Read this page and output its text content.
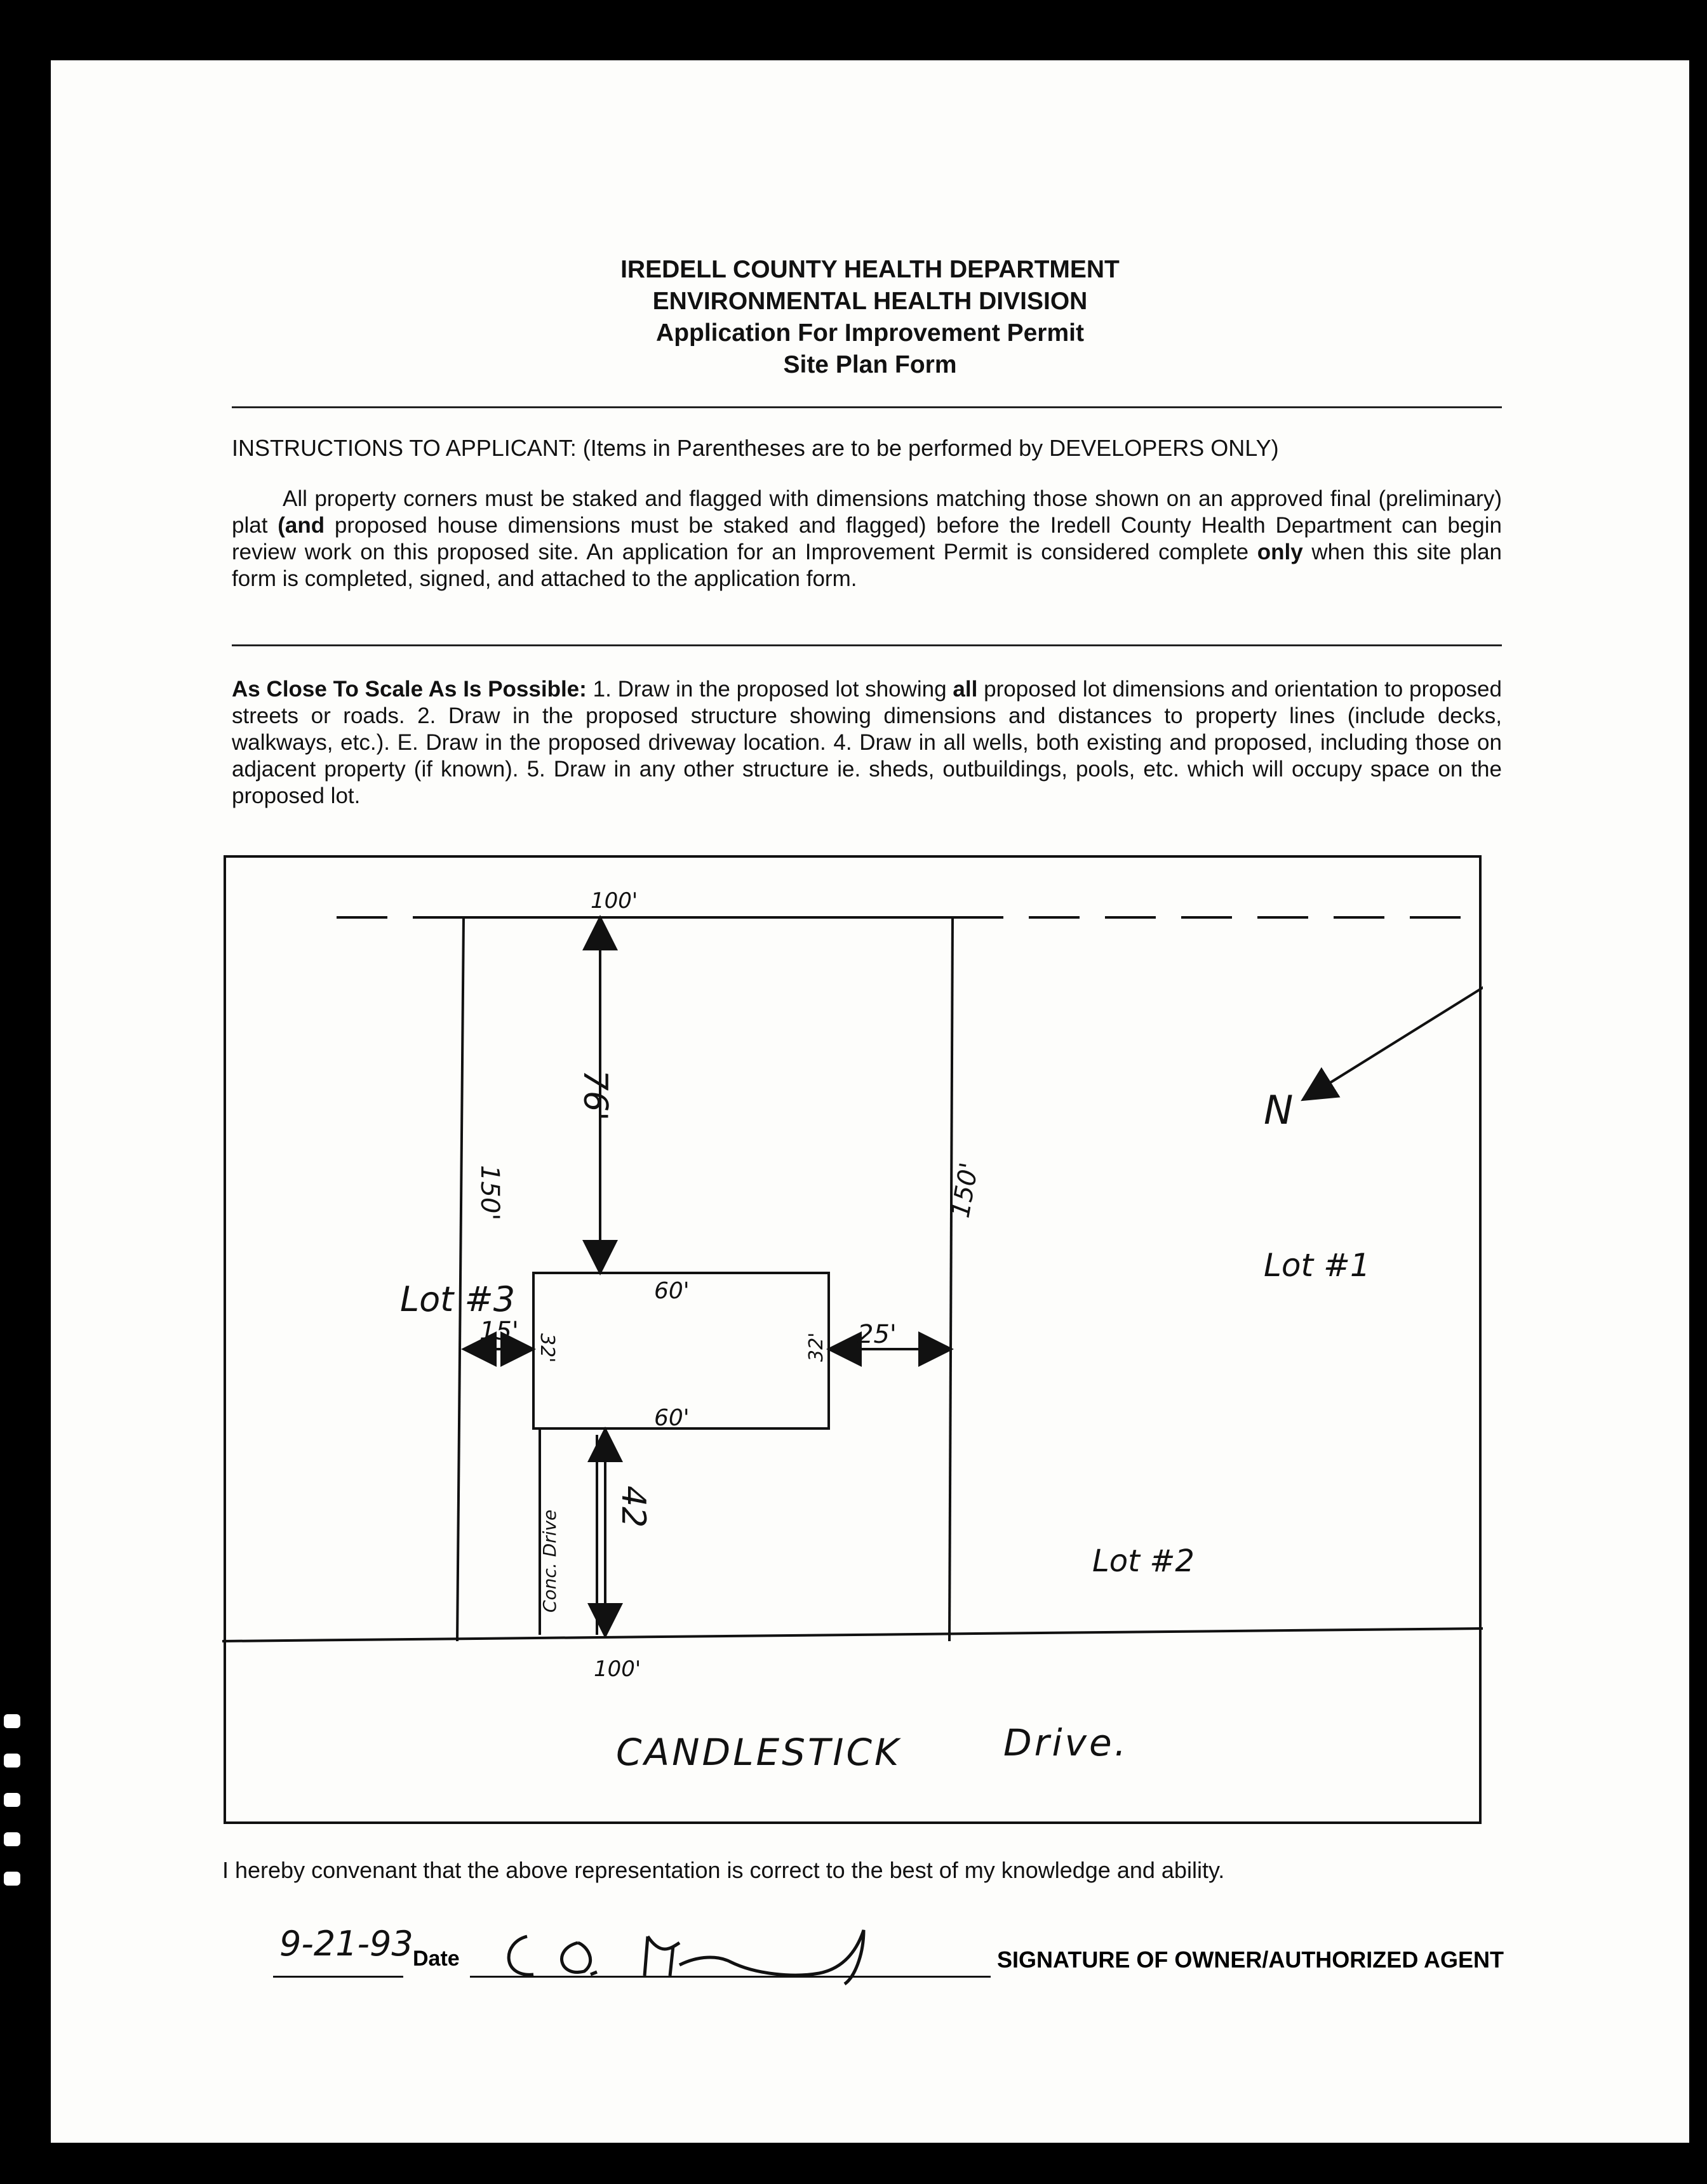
IREDELL COUNTY HEALTH DEPARTMENT
ENVIRONMENTAL HEALTH DIVISION
Application For Improvement Permit
Site Plan Form
INSTRUCTIONS TO APPLICANT: (Items in Parentheses are to be performed by DEVELOPERS ONLY)
All property corners must be staked and flagged with dimensions matching those shown on an approved final (preliminary) plat (and proposed house dimensions must be staked and flagged) before the Iredell County Health Department can begin review work on this proposed site. An application for an Improvement Permit is considered complete only when this site plan form is completed, signed, and attached to the application form.
As Close To Scale As Is Possible: 1. Draw in the proposed lot showing all proposed lot dimensions and orientation to proposed streets or roads. 2. Draw in the proposed structure showing dimensions and distances to property lines (include decks, walkways, etc.). E. Draw in the proposed driveway location. 4. Draw in all wells, both existing and proposed, including those on adjacent property (if known). 5. Draw in any other structure ie. sheds, outbuildings, pools, etc. which will occupy space on the proposed lot.
100'
100'
150'	150'
76'
42
15'	25'
60'
60'
32'	32'
Conc. Drive
N
Lot #3
Lot #1
Lot #2
CANDLESTICK	Drive.
I hereby convenant that the above representation is correct to the best of my knowledge and ability.
9-21-93 Date	SIGNATURE OF OWNER/AUTHORIZED AGENT
